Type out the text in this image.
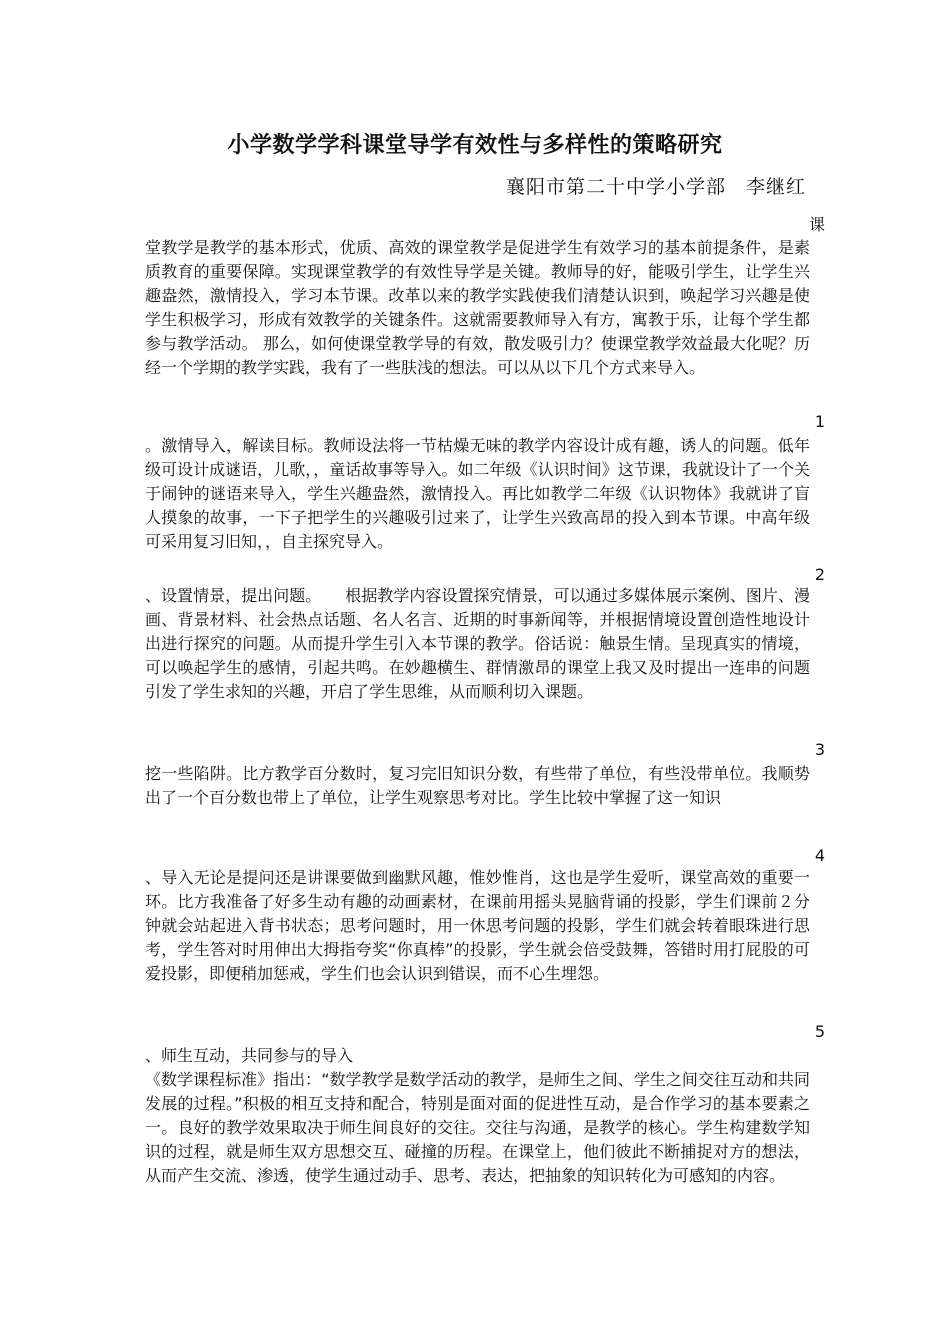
小学数学学科课堂导学有效性与多样性的策略研究
襄阳市第二十中学小学部　李继红
课
堂教学是教学的基本形式，优质、高效的课堂教学是促进学生有效学习的基本前提条件，是素质教育的重要保障。实现课堂教学的有效性导学是关键。教师导的好，能吸引学生，让学生兴趣盎然，激情投入，学习本节课。改革以来的教学实践使我们清楚认识到，唤起学习兴趣是使学生积极学习，形成有效教学的关键条件。这就需要教师导入有方，寓教于乐，让每个学生都参与教学活动。 那么，如何使课堂教学导的有效，散发吸引力？使课堂教学效益最大化呢？历经一个学期的教学实践，我有了一些肤浅的想法。可以从以下几个方式来导入。
1
。激情导入，解读目标。教师设法将一节枯燥无味的教学内容设计成有趣，诱人的问题。低年级可设计成谜语，儿歌，，童话故事等导入。如二年级《认识时间》这节课，我就设计了一个关于闹钟的谜语来导入，学生兴趣盎然，激情投入。再比如教学二年级《认识物体》我就讲了盲人摸象的故事，一下子把学生的兴趣吸引过来了，让学生兴致高昂的投入到本节课。中高年级可采用复习旧知，，自主探究导入。
2
、设置情景，提出问题。　　根据教学内容设置探究情景，可以通过多媒体展示案例、图片、漫画、背景材料、社会热点话题、名人名言、近期的时事新闻等，并根据情境设置创造性地设计出进行探究的问题。从而提升学生引入本节课的教学。俗话说：触景生情。呈现真实的情境，可以唤起学生的感情，引起共鸣。在妙趣横生、群情激昂的课堂上我又及时提出一连串的问题引发了学生求知的兴趣，开启了学生思维，从而顺利切入课题。
3
挖一些陷阱。比方教学百分数时，复习完旧知识分数，有些带了单位，有些没带单位。我顺势出了一个百分数也带上了单位，让学生观察思考对比。学生比较中掌握了这一知识
4
、导入无论是提问还是讲课要做到幽默风趣，惟妙惟肖，这也是学生爱听，课堂高效的重要一环。比方我准备了好多生动有趣的动画素材，在课前用摇头晃脑背诵的投影，学生们课前２分钟就会站起进入背书状态；思考问题时，用一休思考问题的投影，学生们就会转着眼珠进行思考，学生答对时用伸出大拇指夸奖“你真棒”的投影，学生就会倍受鼓舞，答错时用打屁股的可爱投影，即便稍加惩戒，学生们也会认识到错误，而不心生埋怨。
5
、师生互动，共同参与的导入
《数学课程标准》指出：“数学教学是数学活动的教学，是师生之间、学生之间交往互动和共同发展的过程。”积极的相互支持和配合，特别是面对面的促进性互动，是合作学习的基本要素之一。良好的教学效果取决于师生间良好的交往。交往与沟通，是教学的核心。学生构建数学知识的过程，就是师生双方思想交互、碰撞的历程。在课堂上，他们彼此不断捕捉对方的想法，从而产生交流、渗透，使学生通过动手、思考、表达，把抽象的知识转化为可感知的内容。
